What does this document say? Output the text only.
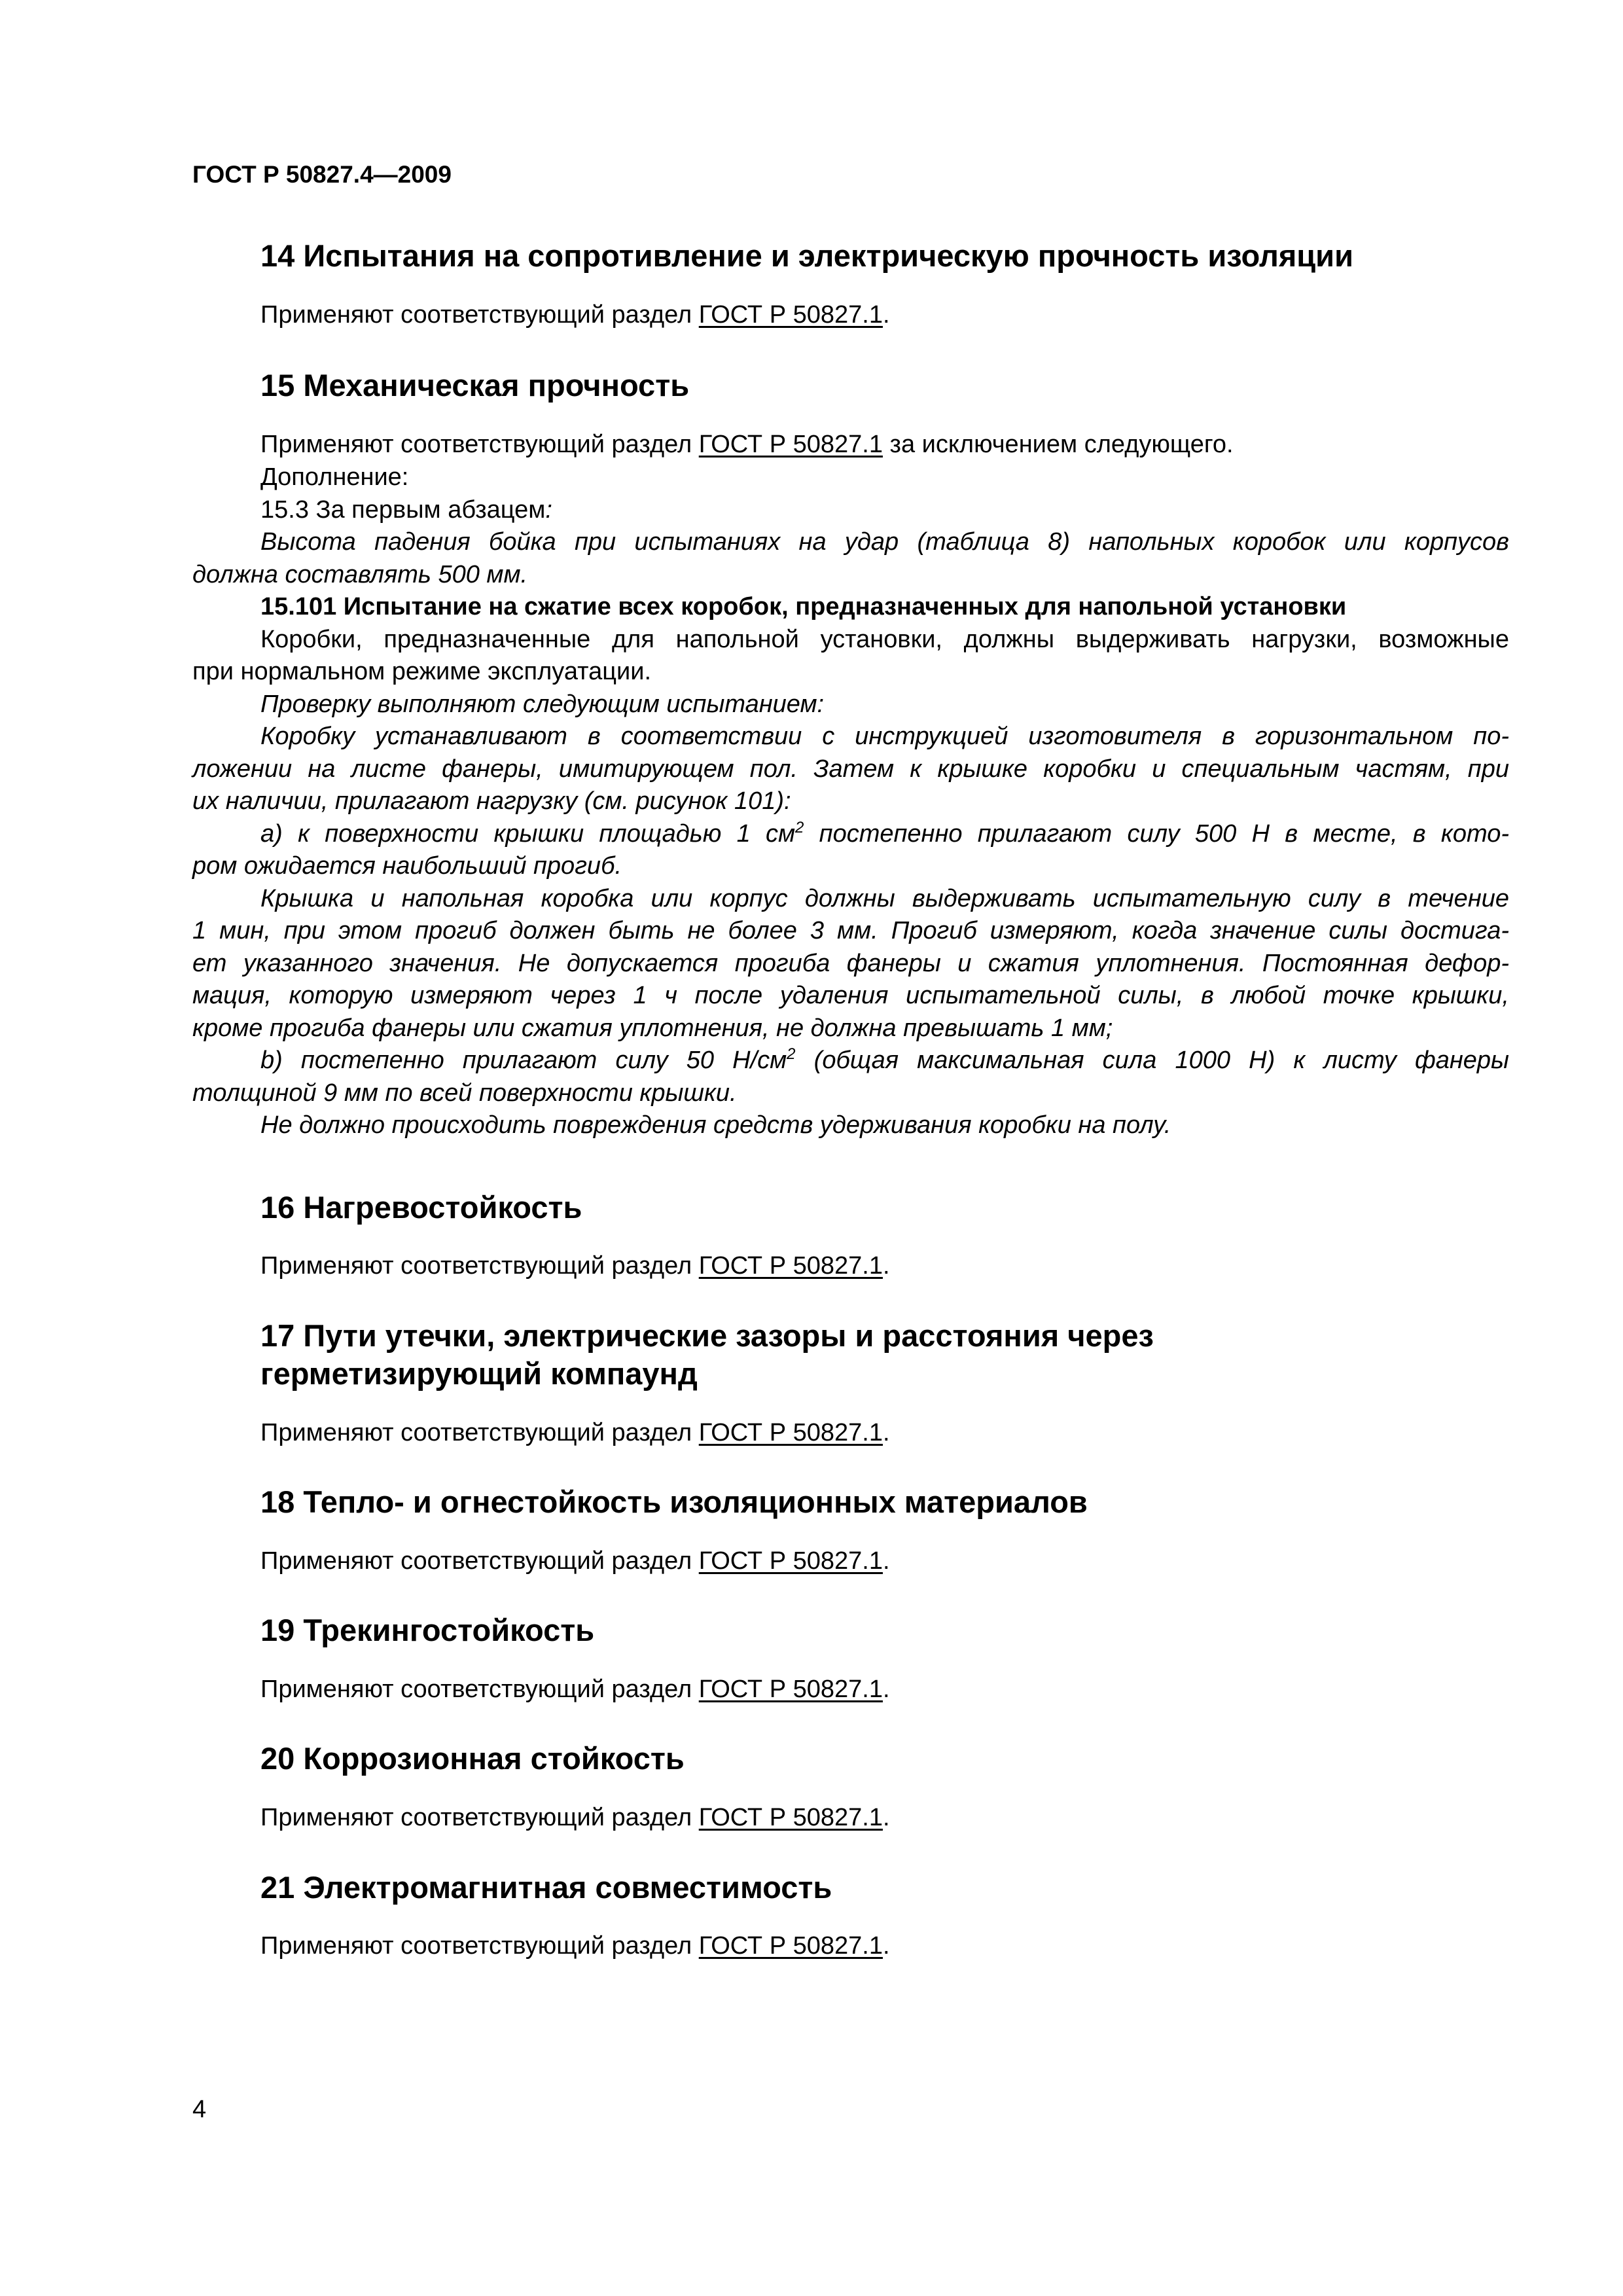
ГОСТ Р 50827.4—2009
14 Испытания на сопротивление и электрическую прочность изоляции

Применяют соответствующий раздел ГОСТ Р 50827.1.

15 Механическая прочность

Применяют соответствующий раздел ГОСТ Р 50827.1 за исключением следующего.

Дополнение:

15.3 За первым абзацем:

Высота падения бойка при испытаниях на удар (таблица 8) напольных коробок или корпусов
должна составлять 500 мм.
15.101 Испытание на сжатие всех коробок, предназначенных для напольной установки
Коробки, предназначенные для напольной установки, должны выдерживать нагрузки, возможные
при нормальном режиме эксплуатации.
Проверку выполняют следующим испытанием:
Коробку устанавливают в соответствии с инструкцией изготовителя в горизонтальном по-
ложении на листе фанеры, имитирующем пол. Затем к крышке коробки и специальным частям, при
их наличии, прилагают нагрузку (см. рисунок 101):
а) к поверхности крышки площадью 1 $см^2$ постепенно прилагают силу 500 Н в месте, в кото-
ром ожидается наибольший прогиб.
Крышка и напольная коробка или корпус должны выдерживать испытательную силу в течение
1 мин, при этом прогиб должен быть не более 3 мм. Прогиб измеряют, когда значение силы достига-
ет указанного значения. Не допускается прогиба фанеры и сжатия уплотнения. Постоянная дефор-
мация, которую измеряют через 1 ч после удаления испытательной силы, в любой точке крышки,
кроме прогиба фанеры или сжатия уплотнения, не должна превышать 1 мм;
b) постепенно прилагают силу 50 $Н/см^2$ (общая максимальная сила 1000 Н) к листу фанеры
толщиной 9 мм по всей поверхности крышки.
Не должно происходить повреждения средств удерживания коробки на полу.
16 Нагревостойкость

Применяют соответствующий раздел ГОСТ Р 50827.1.

17 Пути утечки, электрические зазоры и расстояния через
герметизирующий компаунд

Применяют соответствующий раздел ГОСТ Р 50827.1.

18 Тепло- и огнестойкость изоляционных материалов

Применяют соответствующий раздел ГОСТ Р 50827.1.

19 Трекингостойкость

Применяют соответствующий раздел ГОСТ Р 50827.1.

20 Коррозионная стойкость

Применяют соответствующий раздел ГОСТ Р 50827.1.

21 Электромагнитная совместимость

Применяют соответствующий раздел ГОСТ Р 50827.1.

4
